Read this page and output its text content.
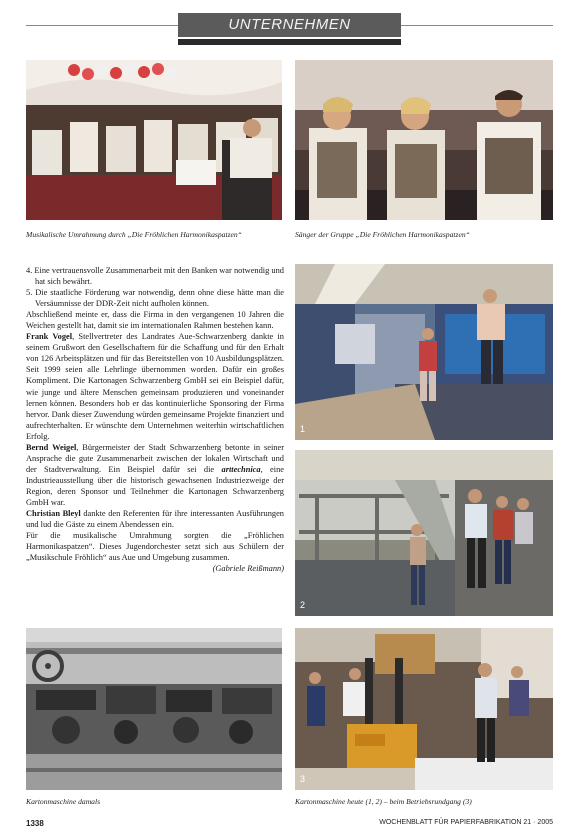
UNTERNEHMEN
Musikalische Umrahmung durch „Die Fröhlichen Harmonikaspatzen“	Sänger der Gruppe „Die Fröhlichen Harmonikaspatzen“

4. Eine vertrauensvolle Zusammenarbeit mit den Banken war notwendig und hat sich bewährt.

5. Die staatliche Förderung war notwendig, denn ohne diese hätte man die Versäumnisse der DDR-Zeit nicht aufholen können.

Abschließend meinte er, dass die Firma in den vergangenen 10 Jahren die Weichen gestellt hat, damit sie im internationalen Rahmen bestehen kann.

Frank Vogel, Stellvertreter des Landrates Aue-Schwarzenberg dankte in seinem Grußwort den Gesellschaftern für die Schaffung und für den Erhalt von 126 Arbeitsplätzen und für das Bereitstellen von 10 Ausbildungsplätzen. Seit 1999 seien alle Lehrlinge übernommen worden. Dafür ein großes Kompliment. Die Kartonagen Schwarzenberg GmbH sei ein Beispiel dafür, wie junge und ältere Menschen gemeinsam produzieren und voneinander lernen können. Besonders hob er das kontinuierliche Sponsoring der Firma hervor. Dank dieser Zuwendung würden gemeinsame Projekte finanziert und aufrechterhalten. Er wünschte dem Unternehmen weiterhin wirtschaftlichen Erfolg.

Bernd Weigel, Bürgermeister der Stadt Schwarzenberg betonte in seiner Ansprache die gute Zusammenarbeit zwischen der lokalen Wirtschaft und der Stadtverwaltung. Ein Beispiel dafür sei die arttechnica, eine Industrieausstellung über die historisch gewachsenen Industriezweige der Region, deren Sponsor und Teilnehmer die Kartonagen Schwarzenberg GmbH war.

Christian Bleyl dankte den Referenten für ihre interessanten Ausführungen und lud die Gäste zu einem Abendessen ein.

Für die musikalische Umrahmung sorgten die „Fröhlichen Harmonikaspatzen“. Dieses Jugendorchester setzt sich aus Schülern der „Musikschule Fröhlich“ aus Aue und Umgebung zusammen.

(Gabriele Reißmann)

1
2
3
Kartonmaschine damals	Kartonmaschine heute (1, 2) – beim Betriebsrundgang (3)
1338	WOCHENBLATT FÜR PAPIERFABRIKATION 21 · 2005
